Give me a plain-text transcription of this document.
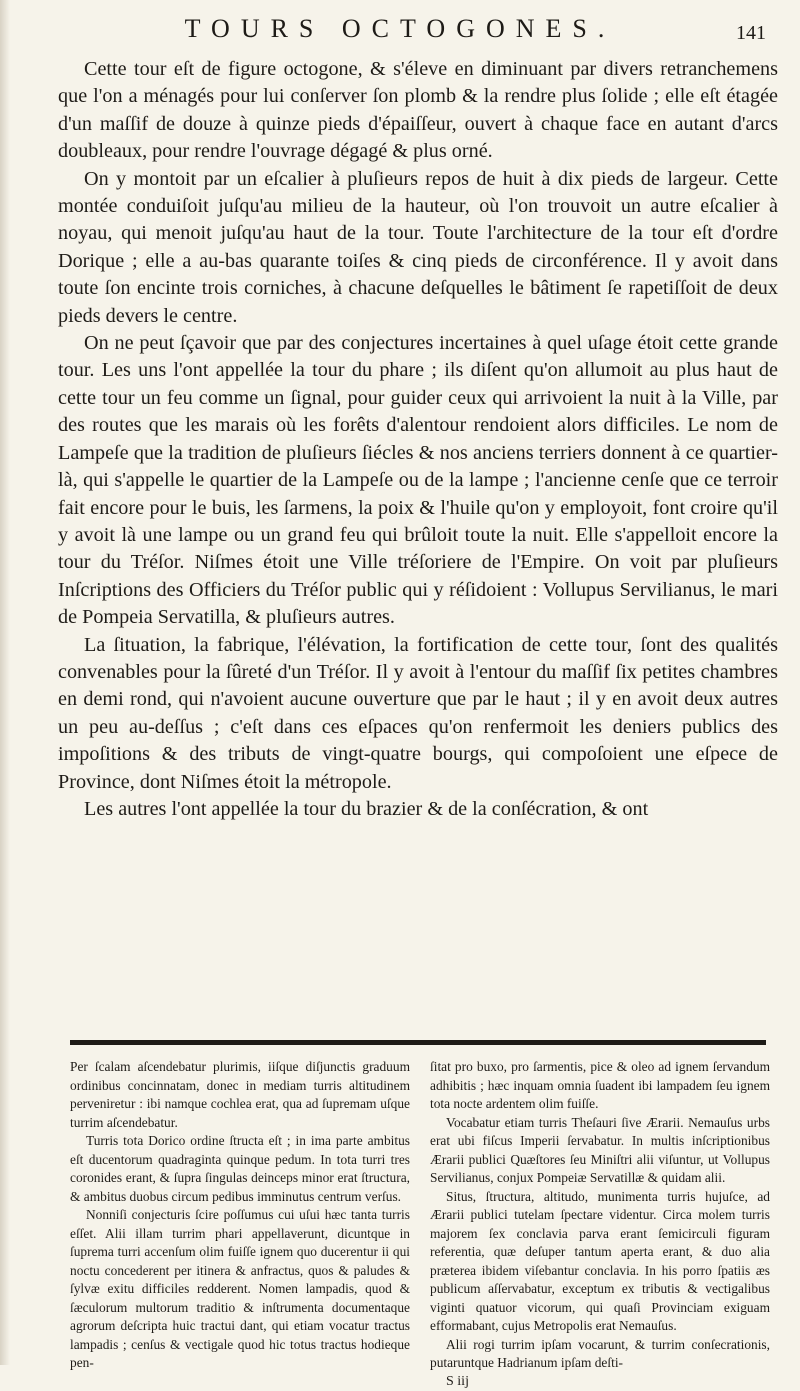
TOURS OCTOGONES.	141

Cette tour eſt de figure octogone, & s'éleve en diminuant par divers retranchemens que l'on a ménagés pour lui conſerver ſon plomb & la rendre plus ſolide ; elle eſt étagée d'un maſſif de douze à quinze pieds d'épaiſſeur, ouvert à chaque face en autant d'arcs doubleaux, pour rendre l'ouvrage dégagé & plus orné.

On y montoit par un eſcalier à pluſieurs repos de huit à dix pieds de largeur. Cette montée conduiſoit juſqu'au milieu de la hauteur, où l'on trouvoit un autre eſcalier à noyau, qui menoit juſqu'au haut de la tour. Toute l'architecture de la tour eſt d'ordre Dorique ; elle a au-bas quarante toiſes & cinq pieds de circonférence. Il y avoit dans toute ſon encinte trois corniches, à chacune deſquelles le bâtiment ſe rapetiſſoit de deux pieds devers le centre.

On ne peut ſçavoir que par des conjectures incertaines à quel uſage étoit cette grande tour. Les uns l'ont appellée la tour du phare ; ils diſent qu'on allumoit au plus haut de cette tour un feu comme un ſignal, pour guider ceux qui arrivoient la nuit à la Ville, par des routes que les marais où les forêts d'alentour rendoient alors difficiles. Le nom de Lampeſe que la tradition de pluſieurs ſiécles & nos anciens terriers donnent à ce quartier-là, qui s'appelle le quartier de la Lampeſe ou de la lampe ; l'ancienne cenſe que ce terroir fait encore pour le buis, les ſarmens, la poix & l'huile qu'on y employoit, font croire qu'il y avoit là une lampe ou un grand feu qui brûloit toute la nuit. Elle s'appelloit encore la tour du Tréſor. Niſmes étoit une Ville tréſoriere de l'Empire. On voit par pluſieurs Inſcriptions des Officiers du Tréſor public qui y réſidoient : Vollupus Servilianus, le mari de Pompeia Servatilla, & pluſieurs autres.

La ſituation, la fabrique, l'élévation, la fortification de cette tour, ſont des qualités convenables pour la ſûreté d'un Tréſor. Il y avoit à l'entour du maſſif ſix petites chambres en demi rond, qui n'avoient aucune ouverture que par le haut ; il y en avoit deux autres un peu au-deſſus ; c'eſt dans ces eſpaces qu'on renfermoit les deniers publics des impoſitions & des tributs de vingt-quatre bourgs, qui compoſoient une eſpece de Province, dont Niſmes étoit la métropole.

Les autres l'ont appellée la tour du brazier & de la conſécration, & ont

Per ſcalam aſcendebatur plurimis, iiſque diſjunctis graduum ordinibus concinnatam, donec in mediam turris altitudinem perveniretur : ibi namque cochlea erat, qua ad ſupremam uſque turrim aſcendebatur.

Turris tota Dorico ordine ſtructa eſt ; in ima parte ambitus eſt ducentorum quadraginta quinque pedum. In tota turri tres coronides erant, & ſupra ſingulas deinceps minor erat ſtructura, & ambitus duobus circum pedibus imminutus centrum verſus.

Nonniſi conjecturis ſcire poſſumus cui uſui hæc tanta turris eſſet. Alii illam turrim phari appellaverunt, dicuntque in ſuprema turri accenſum olim fuiſſe ignem quo ducerentur ii qui noctu concederent per itinera & anfractus, quos & paludes & ſylvæ exitu difficiles redderent. Nomen lampadis, quod & ſæculorum multorum traditio & inſtrumenta documentaque agrorum deſcripta huic tractui dant, qui etiam vocatur tractus lampadis ; cenſus & vectigale quod hic totus tractus hodieque pen-

ſitat pro buxo, pro ſarmentis, pice & oleo ad ignem ſervandum adhibitis ; hæc inquam omnia ſuadent ibi lampadem ſeu ignem tota nocte ardentem olim fuiſſe.

Vocabatur etiam turris Theſauri ſive Ærarii. Nemauſus urbs erat ubi fiſcus Imperii ſervabatur. In multis inſcriptionibus Ærarii publici Quæſtores ſeu Miniſtri alii viſuntur, ut Vollupus Servilianus, conjux Pompeiæ Servatillæ & quidam alii.

Situs, ſtructura, altitudo, munimenta turris hujuſce, ad Ærarii publici tutelam ſpectare videntur. Circa molem turris majorem ſex conclavia parva erant ſemicirculi figuram referentia, quæ deſuper tantum aperta erant, & duo alia præterea ibidem viſebantur conclavia. In his porro ſpatiis æs publicum aſſervabatur, exceptum ex tributis & vectigalibus viginti quatuor vicorum, qui quaſi Provinciam exiguam efformabant, cujus Metropolis erat Nemauſus.

Alii rogi turrim ipſam vocarunt, & turrim conſecrationis, putaruntque Hadrianum ipſam deſti-

S iij
